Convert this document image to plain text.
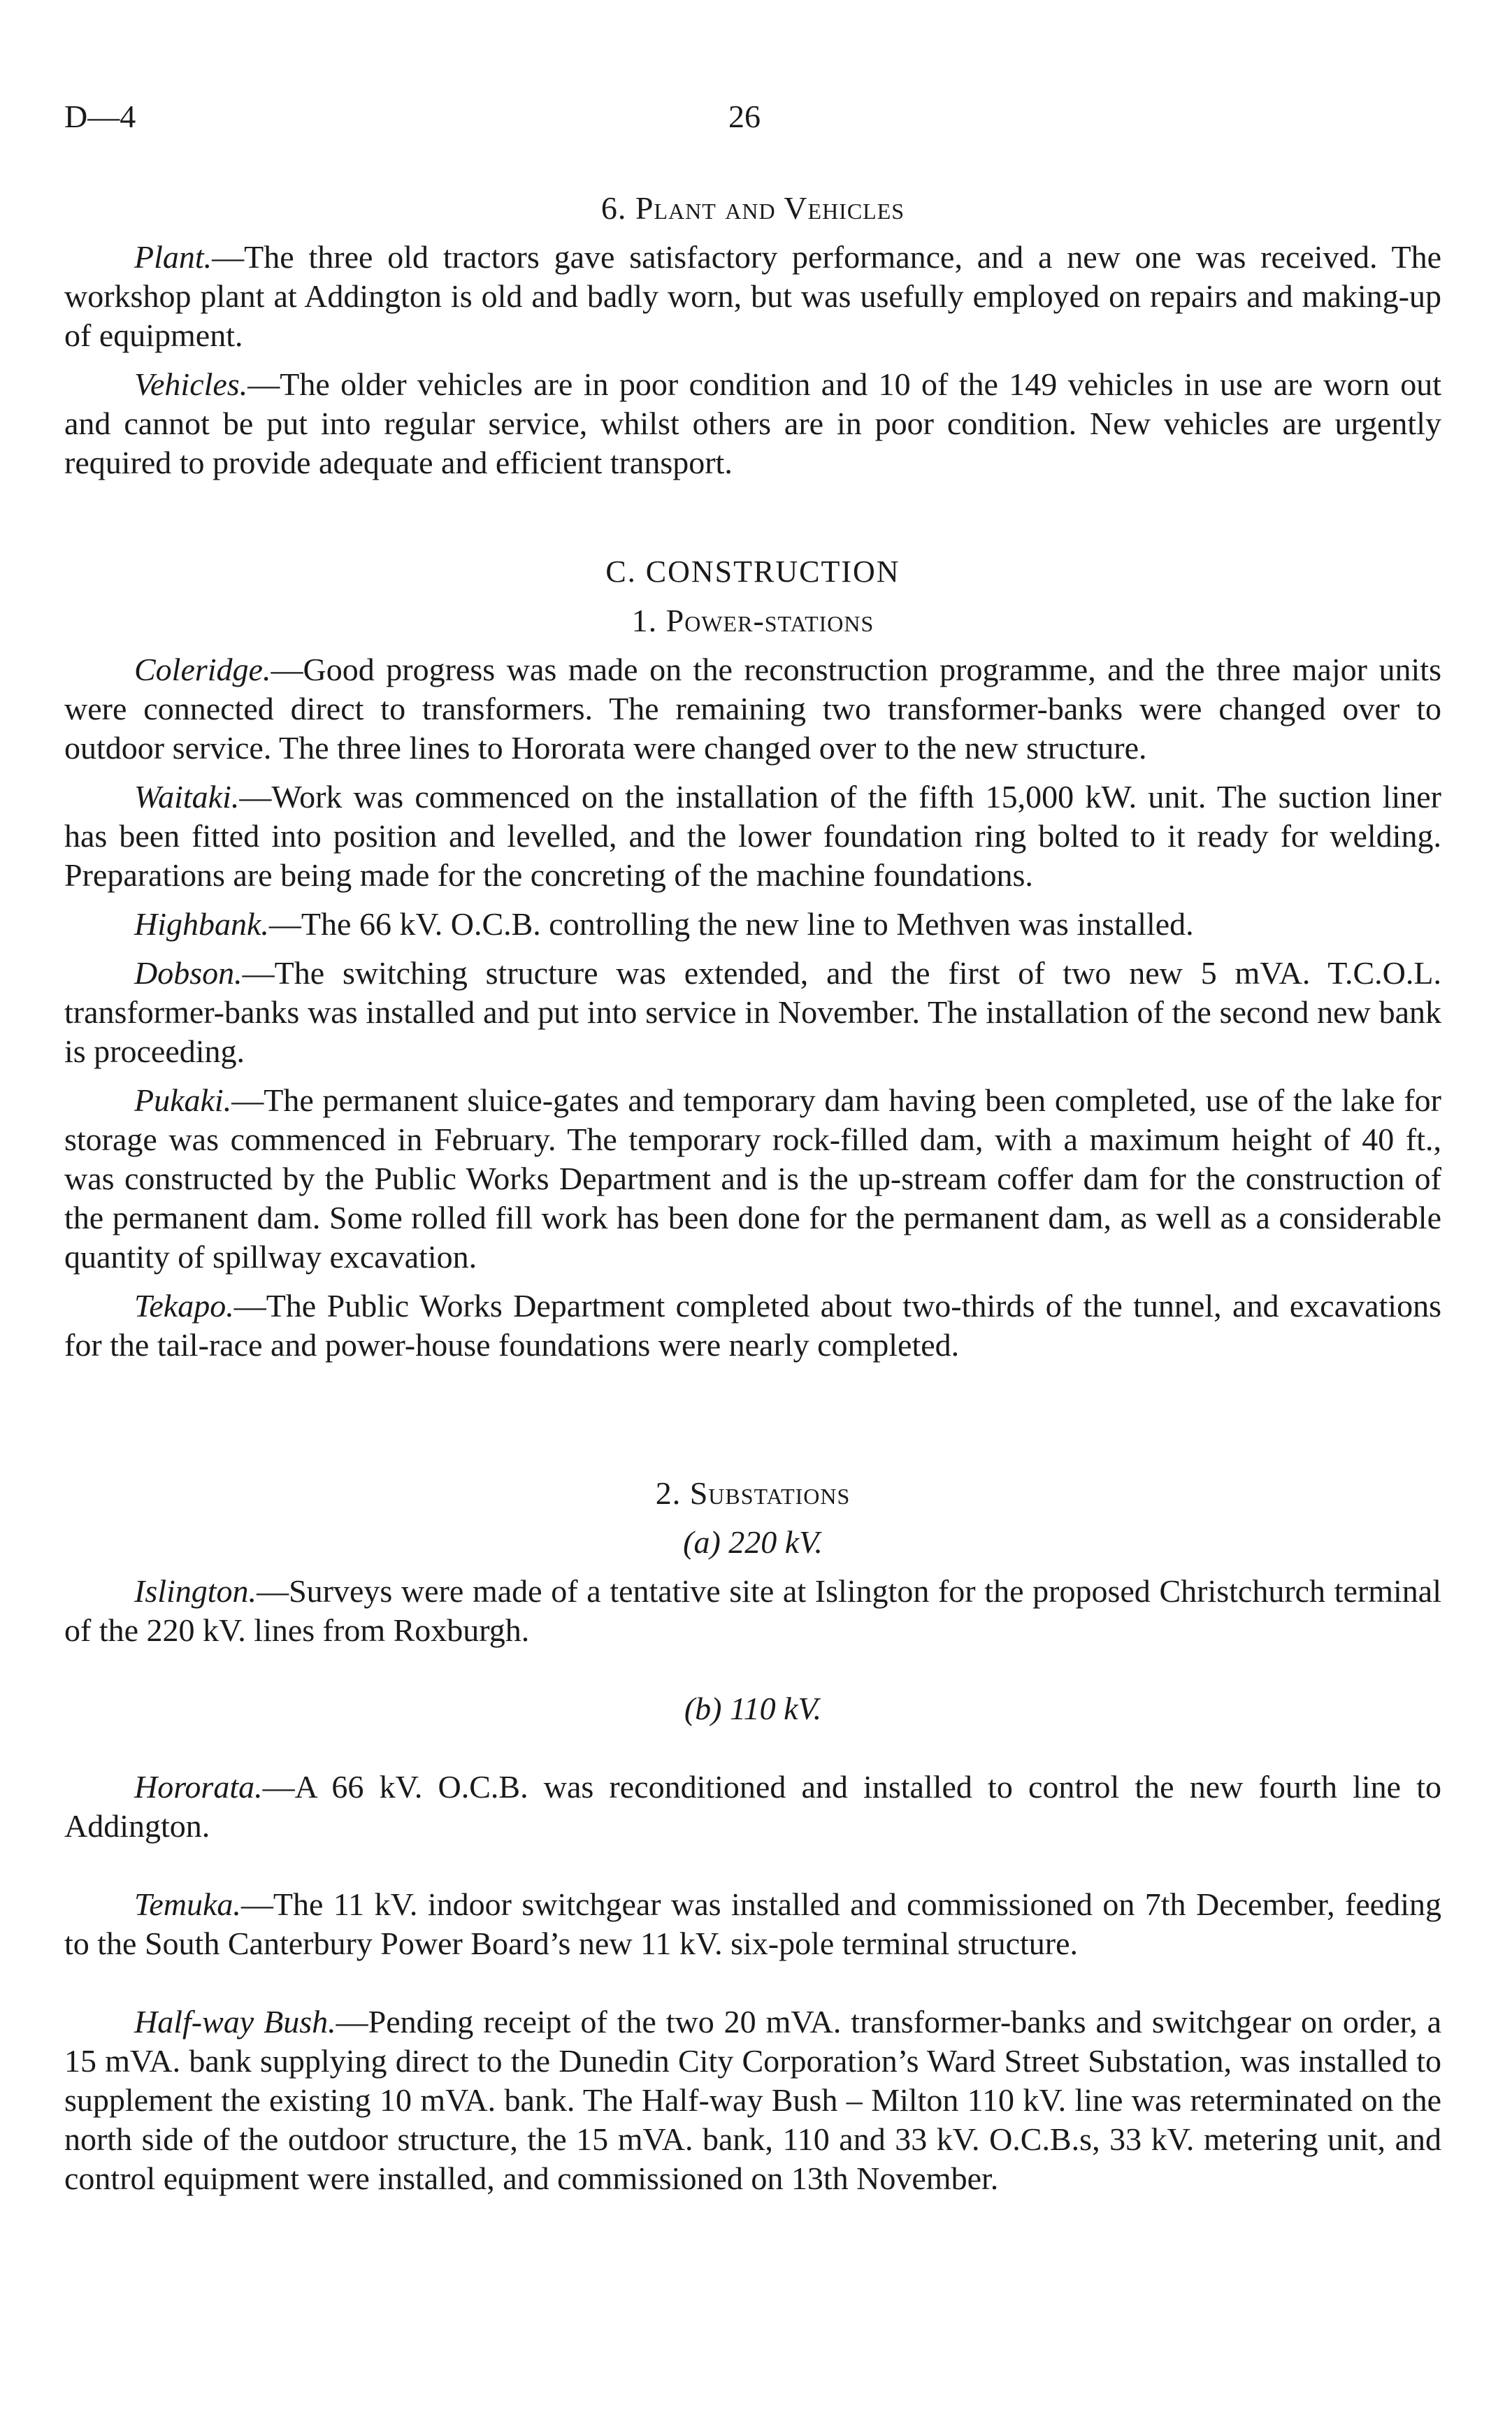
D—4	26
6. Plant and Vehicles

Plant.—The three old tractors gave satisfactory performance, and a new one was received. The workshop plant at Addington is old and badly worn, but was usefully employed on repairs and making-up of equipment.

Vehicles.—The older vehicles are in poor condition and 10 of the 149 vehicles in use are worn out and cannot be put into regular service, whilst others are in poor condition. New vehicles are urgently required to provide adequate and efficient transport.

C. CONSTRUCTION
1. Power-stations

Coleridge.—Good progress was made on the reconstruction programme, and the three major units were connected direct to transformers. The remaining two transformer-banks were changed over to outdoor service. The three lines to Hororata were changed over to the new structure.

Waitaki.—Work was commenced on the installation of the fifth 15,000 kW. unit. The suction liner has been fitted into position and levelled, and the lower foundation ring bolted to it ready for welding. Preparations are being made for the concreting of the machine foundations.

Highbank.—The 66 kV. O.C.B. controlling the new line to Methven was installed.

Dobson.—The switching structure was extended, and the first of two new 5 mVA. T.C.O.L. transformer-banks was installed and put into service in November. The installation of the second new bank is proceeding.

Pukaki.—The permanent sluice-gates and temporary dam having been completed, use of the lake for storage was commenced in February. The temporary rock-filled dam, with a maximum height of 40 ft., was constructed by the Public Works Department and is the up-stream coffer dam for the construction of the permanent dam. Some rolled fill work has been done for the permanent dam, as well as a considerable quantity of spillway excavation.

Tekapo.—The Public Works Department completed about two-thirds of the tunnel, and excavations for the tail-race and power-house foundations were nearly completed.

2. Substations
(a) 220 kV.

Islington.—Surveys were made of a tentative site at Islington for the proposed Christchurch terminal of the 220 kV. lines from Roxburgh.

(b) 110 kV.

Hororata.—A 66 kV. O.C.B. was reconditioned and installed to control the new fourth line to Addington.

Temuka.—The 11 kV. indoor switchgear was installed and commissioned on 7th December, feeding to the South Canterbury Power Board’s new 11 kV. six-pole terminal structure.

Half-way Bush.—Pending receipt of the two 20 mVA. transformer-banks and switchgear on order, a 15 mVA. bank supplying direct to the Dunedin City Corporation’s Ward Street Substation, was installed to supplement the existing 10 mVA. bank. The Half-way Bush – Milton 110 kV. line was reterminated on the north side of the outdoor structure, the 15 mVA. bank, 110 and 33 kV. O.C.B.s, 33 kV. metering unit, and control equipment were installed, and commissioned on 13th November.
